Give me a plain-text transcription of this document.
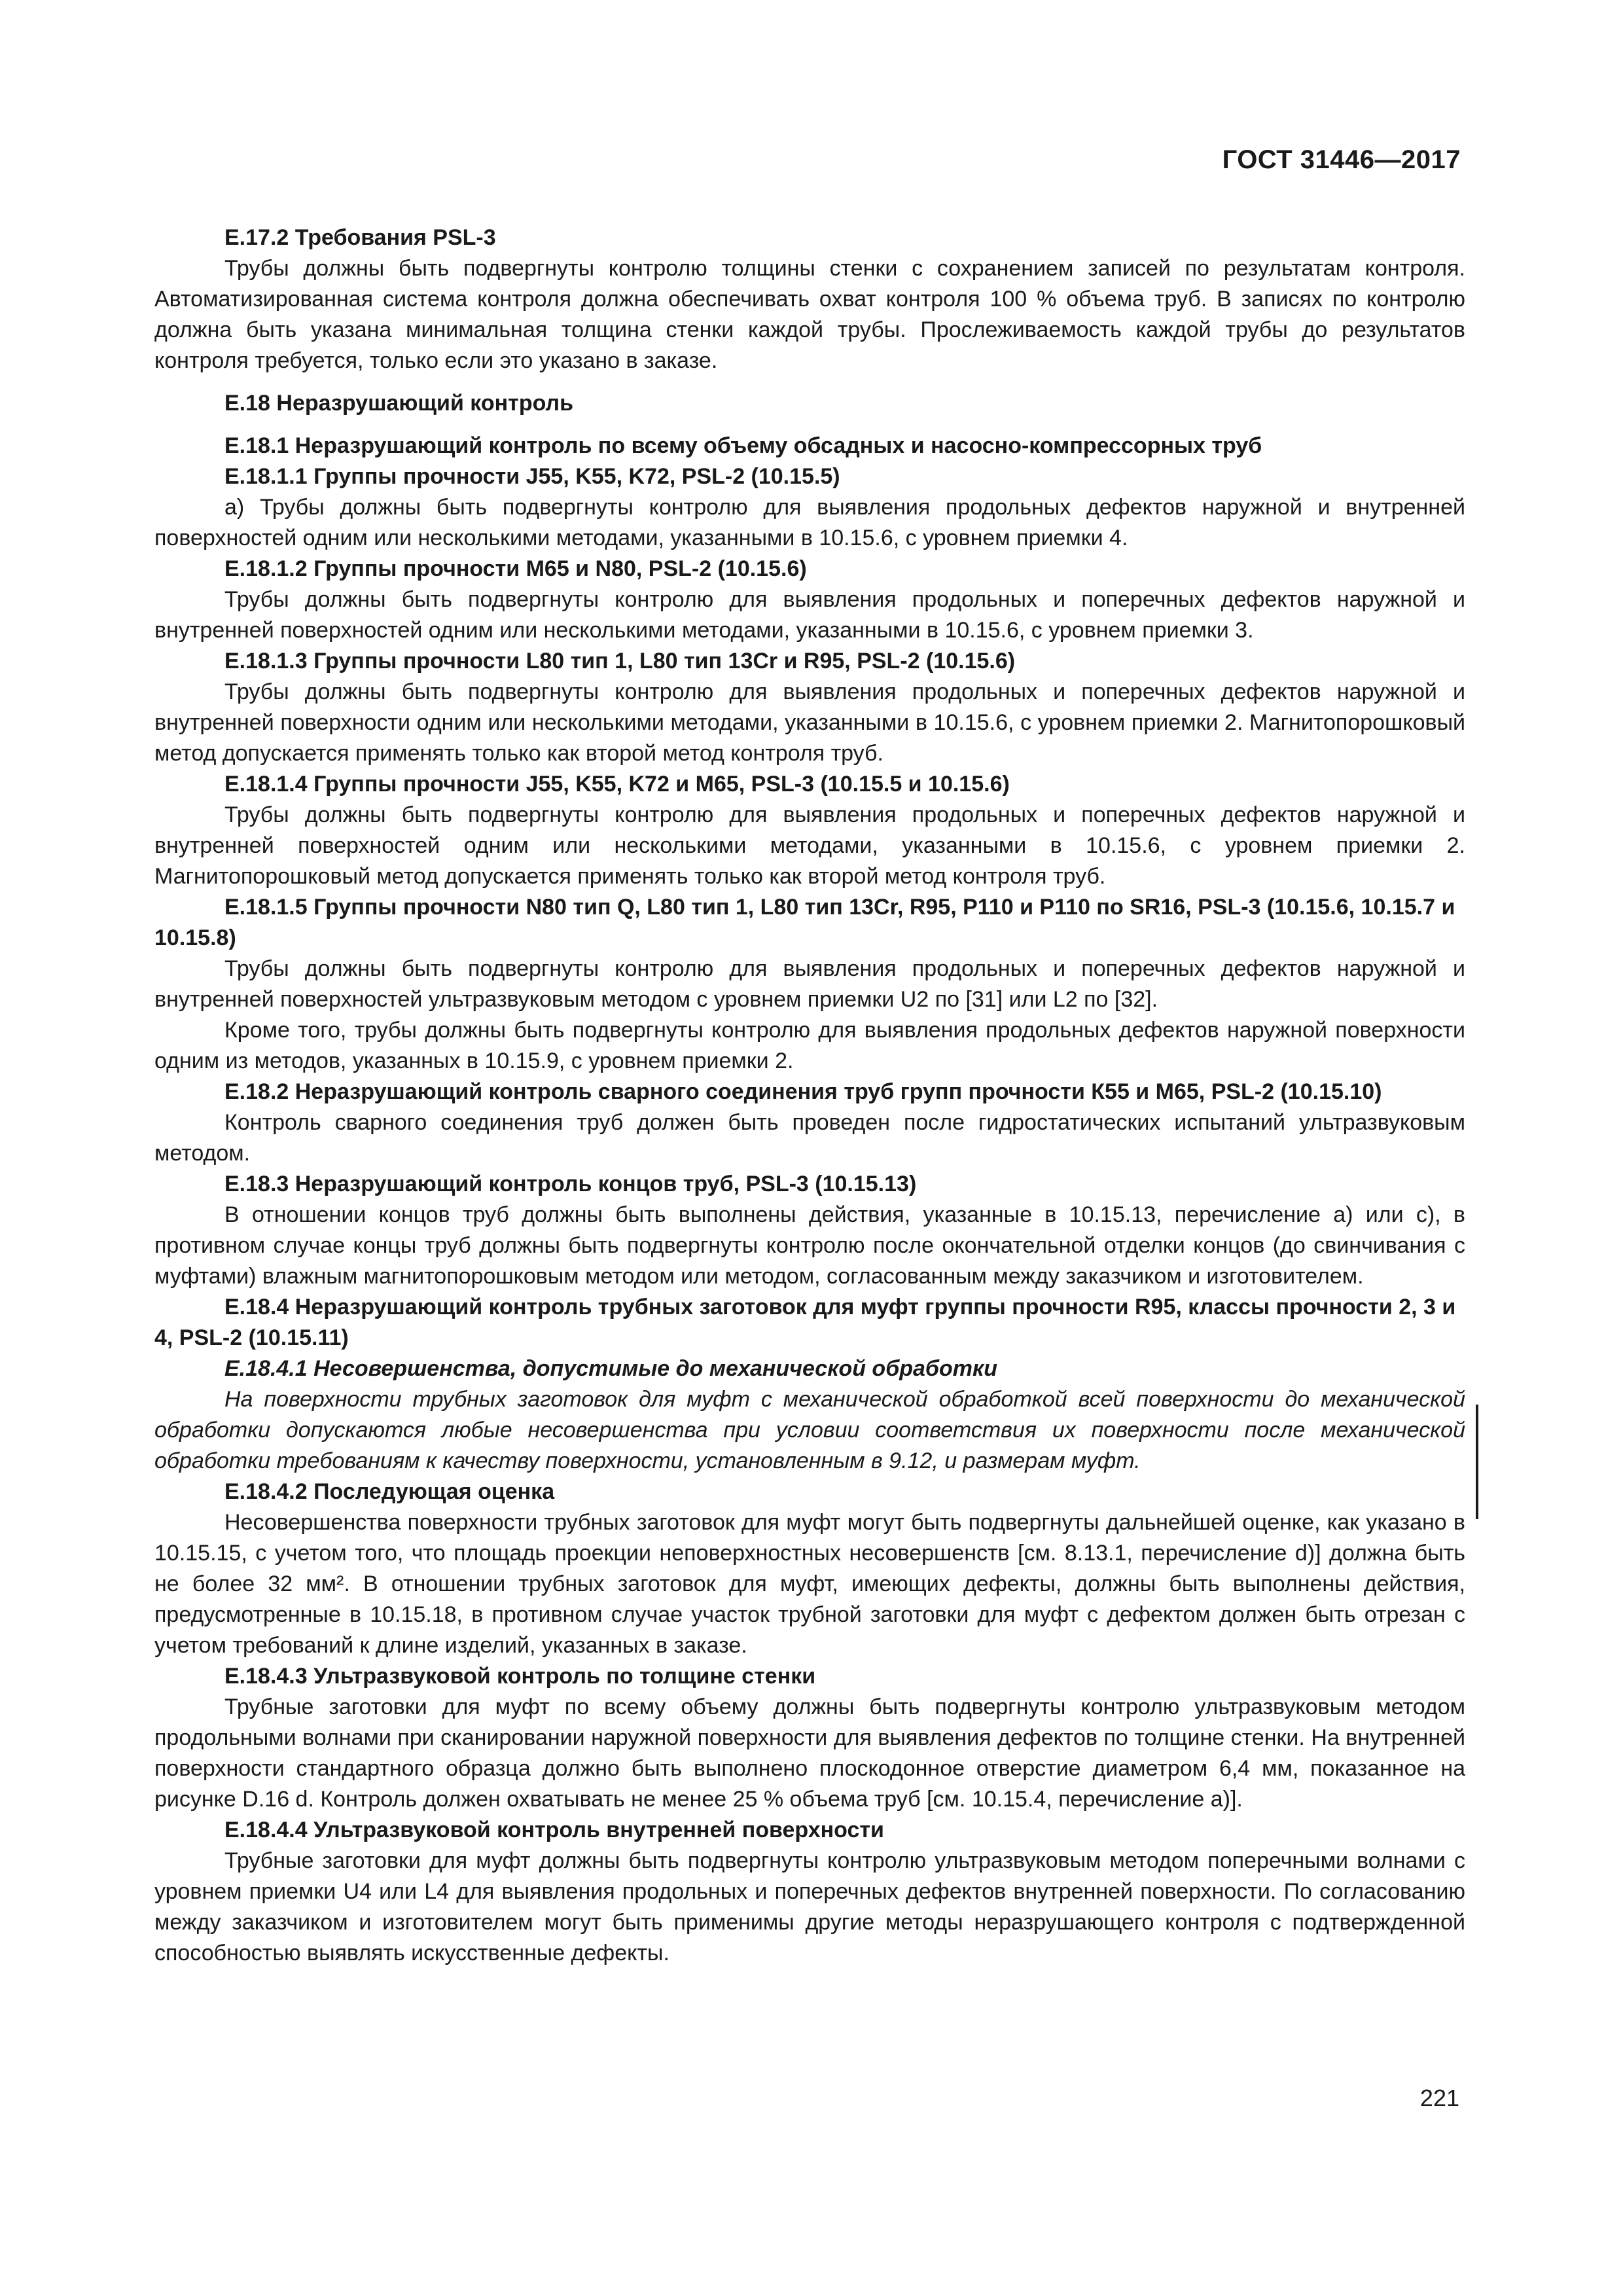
ГОСТ 31446—2017

Е.17.2 Требования PSL-3

Трубы должны быть подвергнуты контролю толщины стенки с сохранением записей по результатам контроля. Автоматизированная система контроля должна обеспечивать охват контроля 100 % объема труб. В записях по контролю должна быть указана минимальная толщина стенки каждой трубы. Прослеживаемость каждой трубы до результатов контроля требуется, только если это указано в заказе.

Е.18 Неразрушающий контроль

Е.18.1 Неразрушающий контроль по всему объему обсадных и насосно-компрессорных труб

Е.18.1.1 Группы прочности J55, K55, K72, PSL-2 (10.15.5)

а) Трубы должны быть подвергнуты контролю для выявления продольных дефектов наружной и внутренней поверхностей одним или несколькими методами, указанными в 10.15.6, с уровнем приемки 4.

Е.18.1.2 Группы прочности М65 и N80, PSL-2 (10.15.6)

Трубы должны быть подвергнуты контролю для выявления продольных и поперечных дефектов наружной и внутренней поверхностей одним или несколькими методами, указанными в 10.15.6, с уровнем приемки 3.

Е.18.1.3 Группы прочности L80 тип 1, L80 тип 13Cr и R95, PSL-2 (10.15.6)

Трубы должны быть подвергнуты контролю для выявления продольных и поперечных дефектов наружной и внутренней поверхности одним или несколькими методами, указанными в 10.15.6, с уровнем приемки 2. Магнитопорошковый метод допускается применять только как второй метод контроля труб.

Е.18.1.4 Группы прочности J55, K55, K72 и М65, PSL-3 (10.15.5 и 10.15.6)

Трубы должны быть подвергнуты контролю для выявления продольных и поперечных дефектов наружной и внутренней поверхностей одним или несколькими методами, указанными в 10.15.6, с уровнем приемки 2. Магнитопорошковый метод допускается применять только как второй метод контроля труб.

Е.18.1.5 Группы прочности N80 тип Q, L80 тип 1, L80 тип 13Cr, R95, Р110 и Р110 по SR16, PSL-3 (10.15.6, 10.15.7 и 10.15.8)

Трубы должны быть подвергнуты контролю для выявления продольных и поперечных дефектов наружной и внутренней поверхностей ультразвуковым методом с уровнем приемки U2 по [31] или L2 по [32].

Кроме того, трубы должны быть подвергнуты контролю для выявления продольных дефектов наружной поверхности одним из методов, указанных в 10.15.9, с уровнем приемки 2.

Е.18.2 Неразрушающий контроль сварного соединения труб групп прочности К55 и М65, PSL-2 (10.15.10)

Контроль сварного соединения труб должен быть проведен после гидростатических испытаний ультразвуковым методом.

Е.18.3 Неразрушающий контроль концов труб, PSL-3 (10.15.13)

В отношении концов труб должны быть выполнены действия, указанные в 10.15.13, перечисление а) или с), в противном случае концы труб должны быть подвергнуты контролю после окончательной отделки концов (до свинчивания с муфтами) влажным магнитопорошковым методом или методом, согласованным между заказчиком и изготовителем.

Е.18.4 Неразрушающий контроль трубных заготовок для муфт группы прочности R95, классы прочности 2, 3 и 4, PSL-2 (10.15.11)

Е.18.4.1 Несовершенства, допустимые до механической обработки

На поверхности трубных заготовок для муфт с механической обработкой всей поверхности до механической обработки допускаются любые несовершенства при условии соответствия их поверхности после механической обработки требованиям к качеству поверхности, установленным в 9.12, и размерам муфт.

Е.18.4.2 Последующая оценка

Несовершенства поверхности трубных заготовок для муфт могут быть подвергнуты дальнейшей оценке, как указано в 10.15.15, с учетом того, что площадь проекции неповерхностных несовершенств [см. 8.13.1, перечисление d)] должна быть не более 32 мм². В отношении трубных заготовок для муфт, имеющих дефекты, должны быть выполнены действия, предусмотренные в 10.15.18, в противном случае участок трубной заготовки для муфт с дефектом должен быть отрезан с учетом требований к длине изделий, указанных в заказе.

Е.18.4.3 Ультразвуковой контроль по толщине стенки

Трубные заготовки для муфт по всему объему должны быть подвергнуты контролю ультразвуковым методом продольными волнами при сканировании наружной поверхности для выявления дефектов по толщине стенки. На внутренней поверхности стандартного образца должно быть выполнено плоскодонное отверстие диаметром 6,4 мм, показанное на рисунке D.16 d. Контроль должен охватывать не менее 25 % объема труб [см. 10.15.4, перечисление а)].

Е.18.4.4 Ультразвуковой контроль внутренней поверхности

Трубные заготовки для муфт должны быть подвергнуты контролю ультразвуковым методом поперечными волнами с уровнем приемки U4 или L4 для выявления продольных и поперечных дефектов внутренней поверхности. По согласованию между заказчиком и изготовителем могут быть применимы другие методы неразрушающего контроля с подтвержденной способностью выявлять искусственные дефекты.

221
